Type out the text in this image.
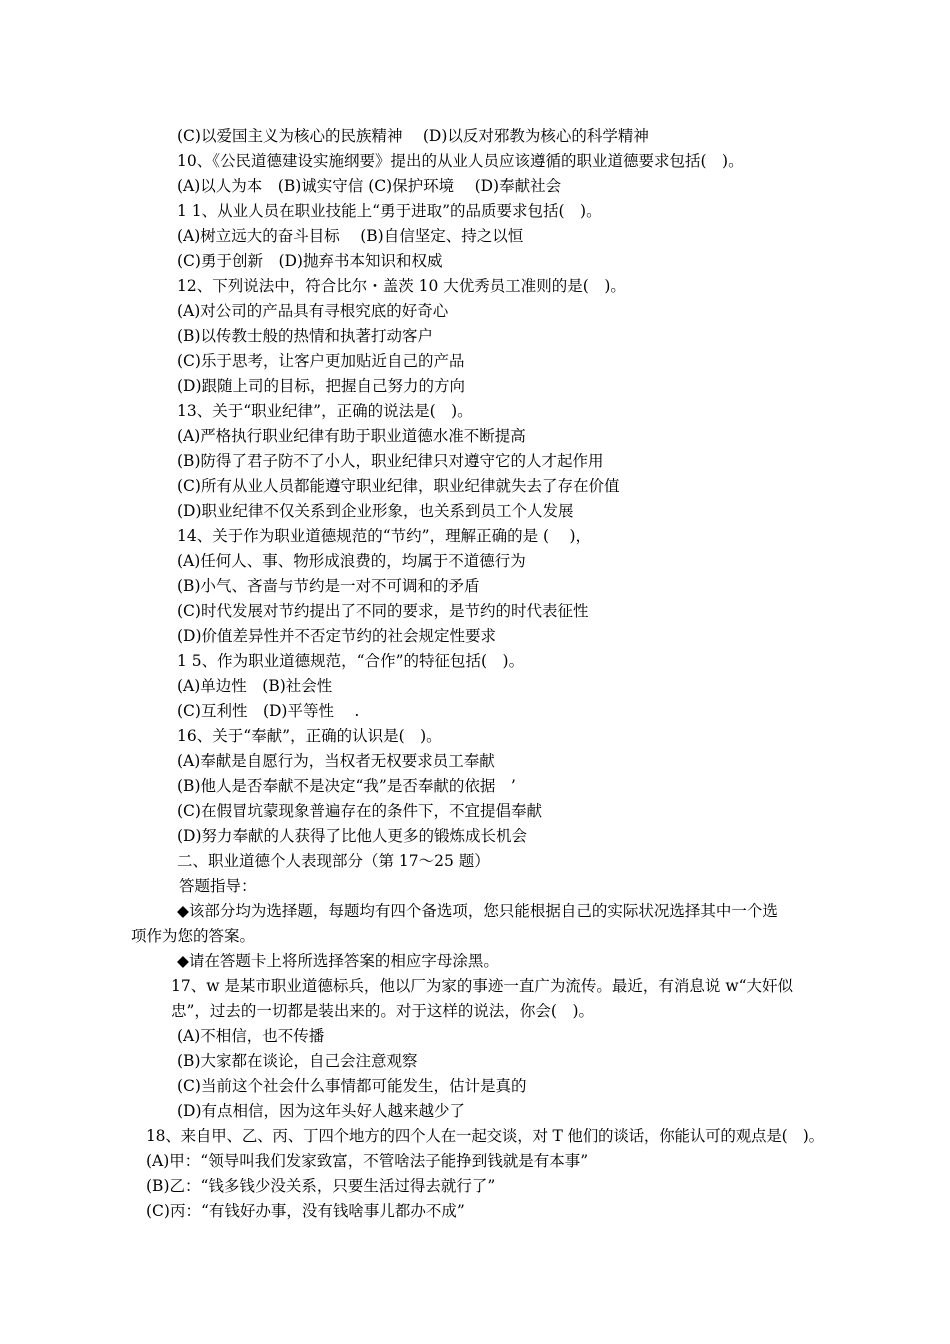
(C)以爱国主义为核心的民族精神　 (D)以反对邪教为核心的科学精神
10、《公民道德建设实施纲要》提出的从业人员应该遵循的职业道德要求包括(　)。
(A)以人为本　(B)诚实守信 (C)保护环境　 (D)奉献社会
1 1、从业人员在职业技能上“勇于进取”的品质要求包括(　)。
(A)树立远大的奋斗目标　 (B)自信坚定、持之以恒
(C)勇于创新　(D)抛弃书本知识和权威
12、下列说法中，符合比尔・盖茨 10 大优秀员工准则的是(　)。
(A)对公司的产品具有寻根究底的好奇心
(B)以传教士般的热情和执著打动客户
(C)乐于思考，让客户更加贴近自己的产品
(D)跟随上司的目标，把握自己努力的方向
13、关于“职业纪律”，正确的说法是(　)。
(A)严格执行职业纪律有助于职业道德水准不断提高
(B)防得了君子防不了小人，职业纪律只对遵守它的人才起作用
(C)所有从业人员都能遵守职业纪律，职业纪律就失去了存在价值
(D)职业纪律不仅关系到企业形象，也关系到员工个人发展
14、关于作为职业道德规范的“节约”，理解正确的是 (　 )，
(A)任何人、事、物形成浪费的，均属于不道德行为
(B)小气、吝啬与节约是一对不可调和的矛盾
(C)时代发展对节约提出了不同的要求，是节约的时代表征性
(D)价值差异性并不否定节约的社会规定性要求
1 5、作为职业道德规范，“合作”的特征包括(　)。
(A)单边性　(B)社会性
(C)互利性　(D)平等性　 .
16、关于“奉献”，正确的认识是(　)。
(A)奉献是自愿行为，当权者无权要求员工奉献
(B)他人是否奉献不是决定“我”是否奉献的依据　’
(C)在假冒坑蒙现象普遍存在的条件下，不宜提倡奉献
(D)努力奉献的人获得了比他人更多的锻炼成长机会
二、职业道德个人表现部分（第 17～25 题）
答题指导：
◆该部分均为选择题，每题均有四个备选项，您只能根据自己的实际状况选择其中一个选
项作为您的答案。
◆请在答题卡上将所选择答案的相应字母涂黑。
17、w 是某市职业道德标兵，他以厂为家的事迹一直广为流传。最近，有消息说 w“大奸似
忠”，过去的一切都是装出来的。对于这样的说法，你会(　)。
(A)不相信，也不传播
(B)大家都在谈论，自己会注意观察
(C)当前这个社会什么事情都可能发生，估计是真的
(D)有点相信，因为这年头好人越来越少了
18、来自甲、乙、丙、丁四个地方的四个人在一起交谈，对 T 他们的谈话，你能认可的观点是(　)。
(A)甲：“领导叫我们发家致富，不管啥法子能挣到钱就是有本事”
(B)乙：“钱多钱少没关系，只要生活过得去就行了”
(C)丙：“有钱好办事，没有钱啥事儿都办不成”
